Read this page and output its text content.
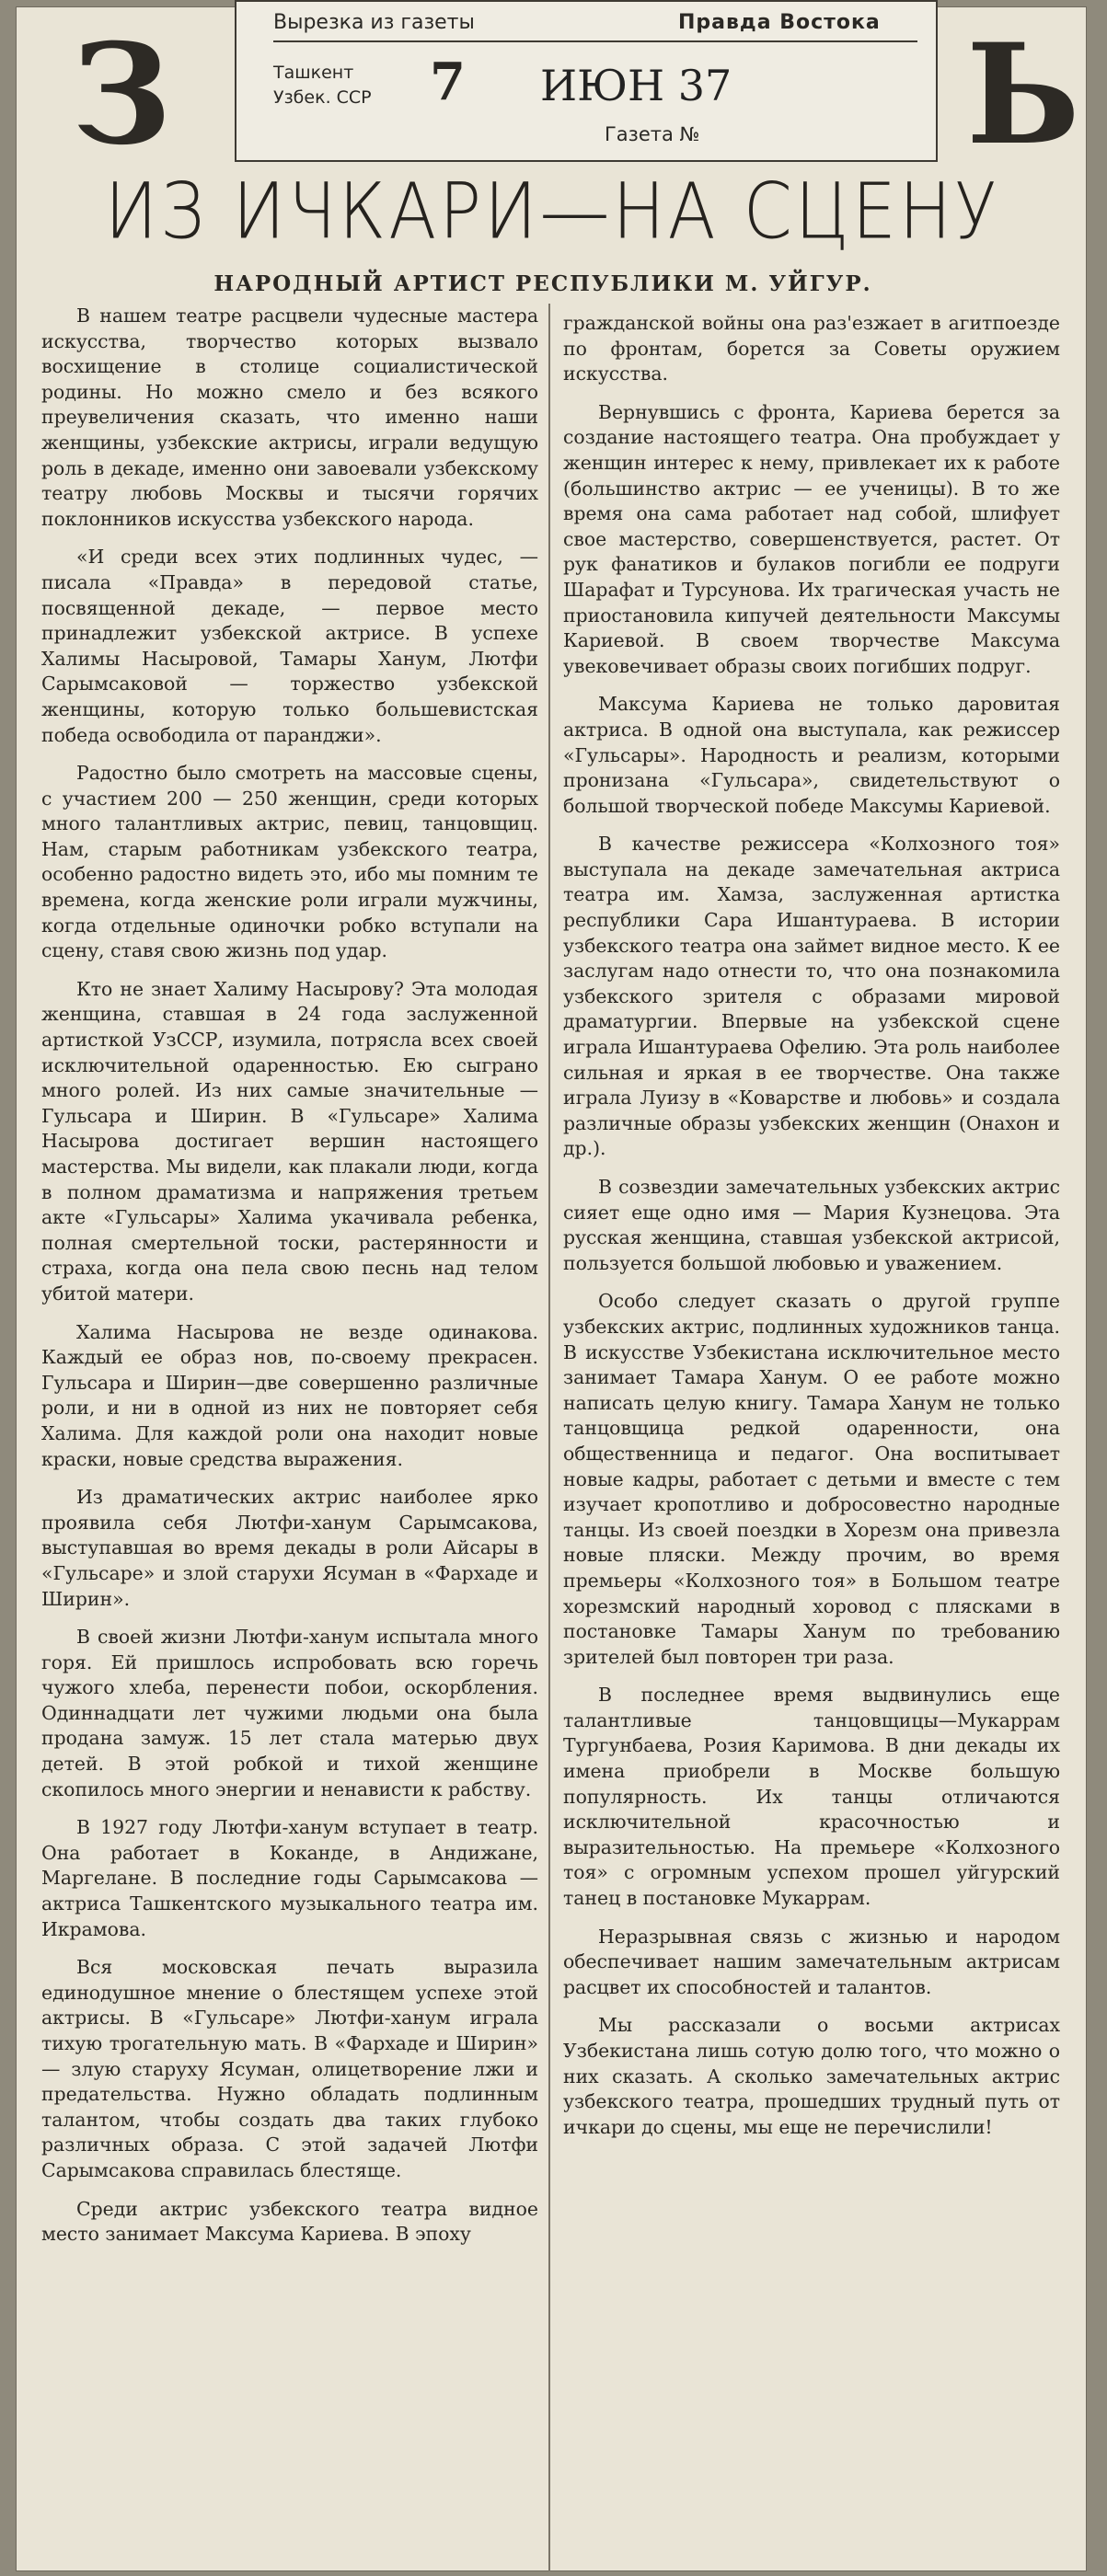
З	Ь
Вырезка из газеты	Правда Востока
Ташкент Узбек. ССР	7 ИЮН 37
Газета №
ИЗ ИЧКАРИ—НА СЦЕНУ
НАРОДНЫЙ АРТИСТ РЕСПУБЛИКИ М. УЙГУР.

В нашем театре расцвели чудесные мастера искусства, творчество которых вызвало восхищение в столице социалистической родины. Но можно смело и без всякого преувеличения сказать, что именно наши женщины, узбекские актрисы, играли ведущую роль в декаде, именно они завоевали узбекскому театру любовь Москвы и тысячи горячих поклонников искусства узбекского народа.

«И среди всех этих подлинных чудес, — писала «Правда» в передовой статье, посвященной декаде, — первое место принадлежит узбекской актрисе. В успехе Халимы Насыровой, Тамары Ханум, Лютфи Сарымсаковой — торжество узбекской женщины, которую только большевистская победа освободила от паранджи».

Радостно было смотреть на массовые сцены, с участием 200 — 250 женщин, среди которых много талантливых актрис, певиц, танцовщиц. Нам, старым работникам узбекского театра, особенно радостно видеть это, ибо мы помним те времена, когда женские роли играли мужчины, когда отдельные одиночки робко вступали на сцену, ставя свою жизнь под удар.

Кто не знает Халиму Насырову? Эта молодая женщина, ставшая в 24 года заслуженной артисткой УзССР, изумила, потрясла всех своей исключительной одаренностью. Ею сыграно много ролей. Из них самые значительные — Гульсара и Ширин. В «Гульсаре» Халима Насырова достигает вершин настоящего мастерства. Мы видели, как плакали люди, когда в полном драматизма и напряжения третьем акте «Гульсары» Халима укачивала ребенка, полная смертельной тоски, растерянности и страха, когда она пела свою песнь над телом убитой матери.

Халима Насырова не везде одинакова. Каждый ее образ нов, по-своему прекрасен. Гульсара и Ширин—две совершенно различные роли, и ни в одной из них не повторяет себя Халима. Для каждой роли она находит новые краски, новые средства выражения.

Из драматических актрис наиболее ярко проявила себя Лютфи-ханум Сарымсакова, выступавшая во время декады в роли Айсары в «Гульсаре» и злой старухи Ясуман в «Фархаде и Ширин».

В своей жизни Лютфи-ханум испытала много горя. Ей пришлось испробовать всю горечь чужого хлеба, перенести побои, оскорбления. Одиннадцати лет чужими людьми она была продана замуж. 15 лет стала матерью двух детей. В этой робкой и тихой женщине скопилось много энергии и ненависти к рабству.

В 1927 году Лютфи-ханум вступает в театр. Она работает в Коканде, в Андижане, Маргелане. В последние годы Сарымсакова — актриса Ташкентского музыкального театра им. Икрамова.

Вся московская печать выразила единодушное мнение о блестящем успехе этой актрисы. В «Гульсаре» Лютфи-ханум играла тихую трогательную мать. В «Фархаде и Ширин» — злую старуху Ясуман, олицетворение лжи и предательства. Нужно обладать подлинным талантом, чтобы создать два таких глубоко различных образа. С этой задачей Лютфи Сарымсакова справилась блестяще.

Среди актрис узбекского театра видное место занимает Максума Кариева. В эпоху

гражданской войны она раз'езжает в агитпоезде по фронтам, борется за Советы оружием искусства.

Вернувшись с фронта, Кариева берется за создание настоящего театра. Она пробуждает у женщин интерес к нему, привлекает их к работе (большинство актрис — ее ученицы). В то же время она сама работает над собой, шлифует свое мастерство, совершенствуется, растет. От рук фанатиков и булаков погибли ее подруги Шарафат и Турсунова. Их трагическая участь не приостановила кипучей деятельности Максумы Кариевой. В своем творчестве Максума увековечивает образы своих погибших подруг.

Максума Кариева не только даровитая актриса. В одной она выступала, как режиссер «Гульсары». Народность и реализм, которыми пронизана «Гульсара», свидетельствуют о большой творческой победе Максумы Кариевой.

В качестве режиссера «Колхозного тоя» выступала на декаде замечательная актриса театра им. Хамза, заслуженная артистка республики Сара Ишантураева. В истории узбекского театра она займет видное место. К ее заслугам надо отнести то, что она познакомила узбекского зрителя с образами мировой драматургии. Впервые на узбекской сцене играла Ишантураева Офелию. Эта роль наиболее сильная и яркая в ее творчестве. Она также играла Луизу в «Коварстве и любовь» и создала различные образы узбекских женщин (Онахон и др.).

В созвездии замечательных узбекских актрис сияет еще одно имя — Мария Кузнецова. Эта русская женщина, ставшая узбекской актрисой, пользуется большой любовью и уважением.

Особо следует сказать о другой группе узбекских актрис, подлинных художников танца. В искусстве Узбекистана исключительное место занимает Тамара Ханум. О ее работе можно написать целую книгу. Тамара Ханум не только танцовщица редкой одаренности, она общественница и педагог. Она воспитывает новые кадры, работает с детьми и вместе с тем изучает кропотливо и добросовестно народные танцы. Из своей поездки в Хорезм она привезла новые пляски. Между прочим, во время премьеры «Колхозного тоя» в Большом театре хорезмский народный хоровод с плясками в постановке Тамары Ханум по требованию зрителей был повторен три раза.

В последнее время выдвинулись еще талантливые танцовщицы—Мукаррам Тургунбаева, Розия Каримова. В дни декады их имена приобрели в Москве большую популярность. Их танцы отличаются исключительной красочностью и выразительностью. На премьере «Колхозного тоя» с огромным успехом прошел уйгурский танец в постановке Мукаррам.

Неразрывная связь с жизнью и народом обеспечивает нашим замечательным актрисам расцвет их способностей и талантов.

Мы рассказали о восьми актрисах Узбекистана лишь сотую долю того, что можно о них сказать. А сколько замечательных актрис узбекского театра, прошедших трудный путь от ичкари до сцены, мы еще не перечислили!
